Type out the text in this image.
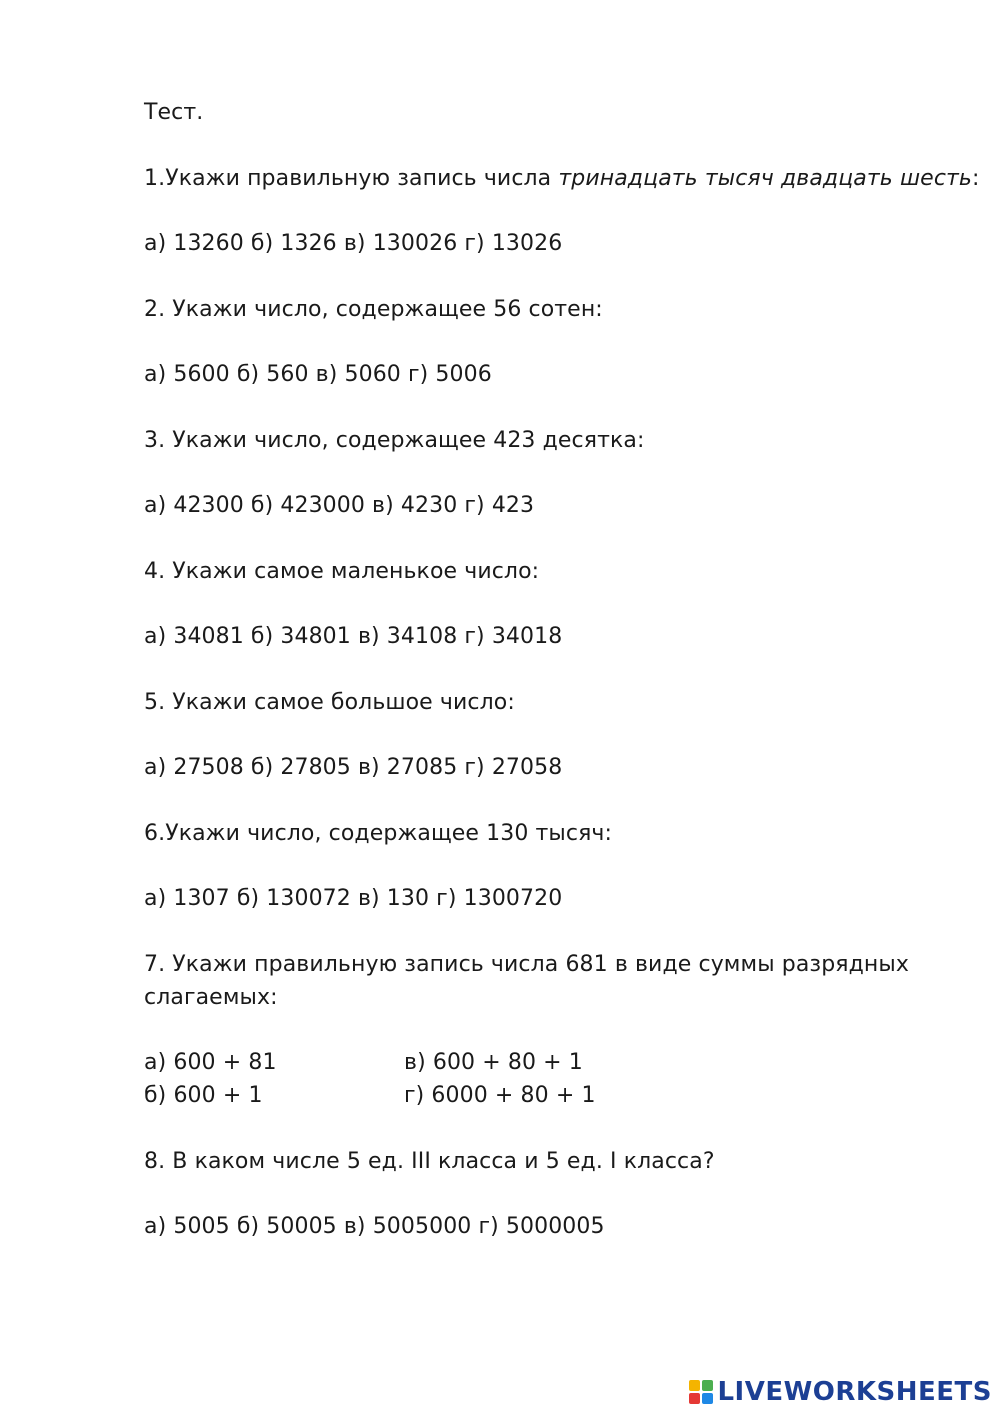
Тест.
1.Укажи правильную запись числа тринадцать тысяч двадцать шесть:
а) 13260 б) 1326 в) 130026 г) 13026
2. Укажи число, содержащее 56 сотен:
а) 5600 б) 560 в) 5060 г) 5006
3. Укажи число, содержащее 423 десятка:
а) 42300 б) 423000 в) 4230 г) 423
4. Укажи самое маленькое число:
а) 34081 б) 34801 в) 34108 г) 34018
5. Укажи самое большое число:
а) 27508 б) 27805 в) 27085 г) 27058
6.Укажи число, содержащее 130 тысяч:
а) 1307 б) 130072 в) 130 г) 1300720
7. Укажи правильную запись числа 681 в виде суммы разрядных
слагаемых:
а) 600 + 81	в) 600 + 80 + 1
б) 600 + 1	г) 6000 + 80 + 1
8. В каком числе 5 ед. III класса и 5 ед. I класса?
а) 5005 б) 50005 в) 5005000 г) 5000005
LIVEWORKSHEETS
